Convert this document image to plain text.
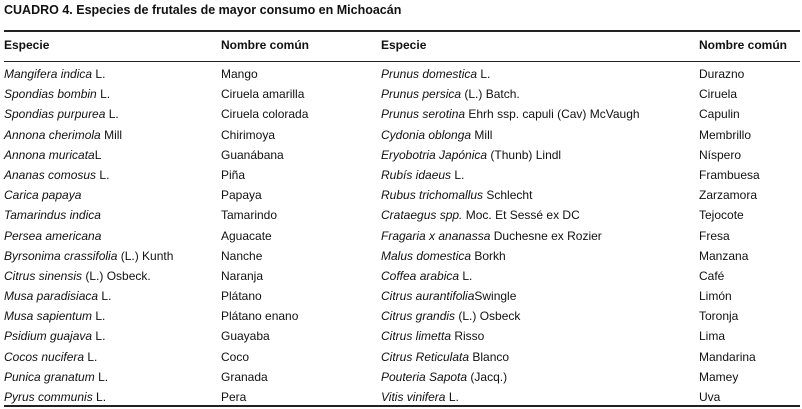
CUADRO 4. Especies de frutales de mayor consumo en Michoacán
Especie	Nombre común	Especie	Nombre común
Mangifera indica L.	Mango	Prunus domestica L.	Durazno
Spondias bombin L.	Ciruela amarilla	Prunus persica (L.) Batch.	Ciruela
Spondias purpurea L.	Ciruela colorada	Prunus serotina Ehrh ssp. capuli (Cav) McVaugh	Capulin
Annona cherimola Mill	Chirimoya	Cydonia oblonga Mill	Membrillo
Annona muricataL	Guanábana	Eryobotria Japónica (Thunb) Lindl	Níspero
Ananas comosus L.	Piña	Rubís idaeus L.	Frambuesa
Carica papaya	Papaya	Rubus trichomallus Schlecht	Zarzamora
Tamarindus indica	Tamarindo	Crataegus spp. Moc. Et Sessé ex DC	Tejocote
Persea americana	Aguacate	Fragaria x ananassa Duchesne ex Rozier	Fresa
Byrsonima crassifolia (L.) Kunth	Nanche	Malus domestica Borkh	Manzana
Citrus sinensis (L.) Osbeck.	Naranja	Coffea arabica L.	Café
Musa paradisiaca L.	Plátano	Citrus aurantifoliaSwingle	Limón
Musa sapientum L.	Plátano enano	Citrus grandis (L.) Osbeck	Toronja
Psidium guajava L.	Guayaba	Citrus limetta Risso	Lima
Cocos nucifera L.	Coco	Citrus Reticulata Blanco	Mandarina
Punica granatum L.	Granada	Pouteria Sapota (Jacq.)	Mamey
Pyrus communis L.	Pera	Vitis vinifera L.	Uva
